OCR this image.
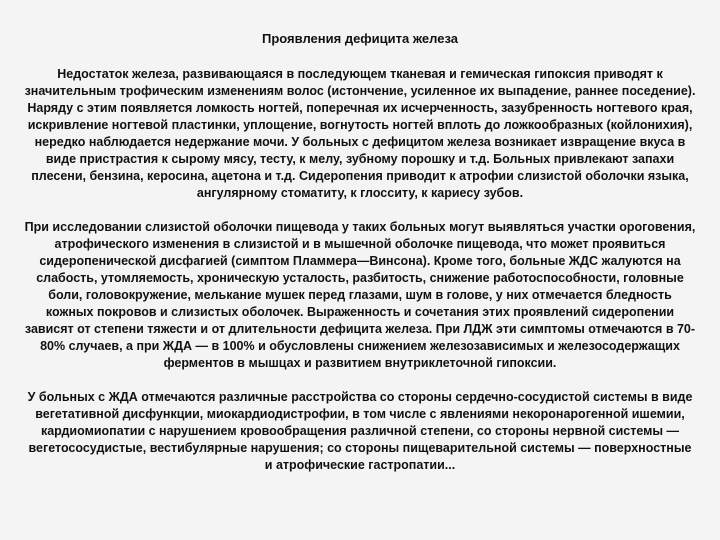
Проявления дефицита железа

Недостаток железа, развивающаяся в последующем тканевая и гемическая гипоксия приводят к значительным трофическим изменениям волос (истончение, усиленное их выпадение, раннее поседение). Наряду с этим появляется ломкость ногтей, поперечная их исчерченность, зазубренность ногтевого края, искривление ногтевой пластинки, уплощение, вогнутость ногтей вплоть до ложкообразных (койлонихия), нередко наблюдается недержание мочи. У больных с дефицитом железа возникает извращение вкуса в виде пристрастия к сырому мясу, тесту, к мелу, зубному порошку и т.д. Больных привлекают запахи плесени, бензина, керосина, ацетона и т.д. Сидеропения приводит к атрофии слизистой оболочки языка, ангулярному стоматиту, к глосситу, к кариесу зубов.

При исследовании слизистой оболочки пищевода у таких больных могут выявляться участки ороговения, атрофического изменения в слизистой и в мышечной оболочке пищевода, что может проявиться сидеропенической дисфагией (симптом Пламмера—Винсона). Кроме того, больные ЖДС жалуются на слабость, утомляемость, хроническую усталость, разбитость, снижение работоспособности, головные боли, головокружение, мелькание мушек перед глазами, шум в голове, у них отмечается бледность кожных покровов и слизистых оболочек. Выраженность и сочетания этих проявлений сидеропении зависят от степени тяжести и от длительности дефицита железа. При ЛДЖ эти симптомы отмечаются в 70-80% случаев, а при ЖДА — в 100% и обусловлены снижением железозависимых и железосодержащих ферментов в мышцах и развитием внутриклеточной гипоксии.

У больных с ЖДА отмечаются различные расстройства со стороны сердечно-сосудистой системы в виде вегетативной дисфункции, миокардиодистрофии, в том числе с явлениями некоронарогенной ишемии, кардиомиопатии с нарушением кровообращения различной степени, со стороны нервной системы — вегетососудистые, вестибулярные нарушения; со стороны пищеварительной системы — поверхностные и атрофические гастропатии...
